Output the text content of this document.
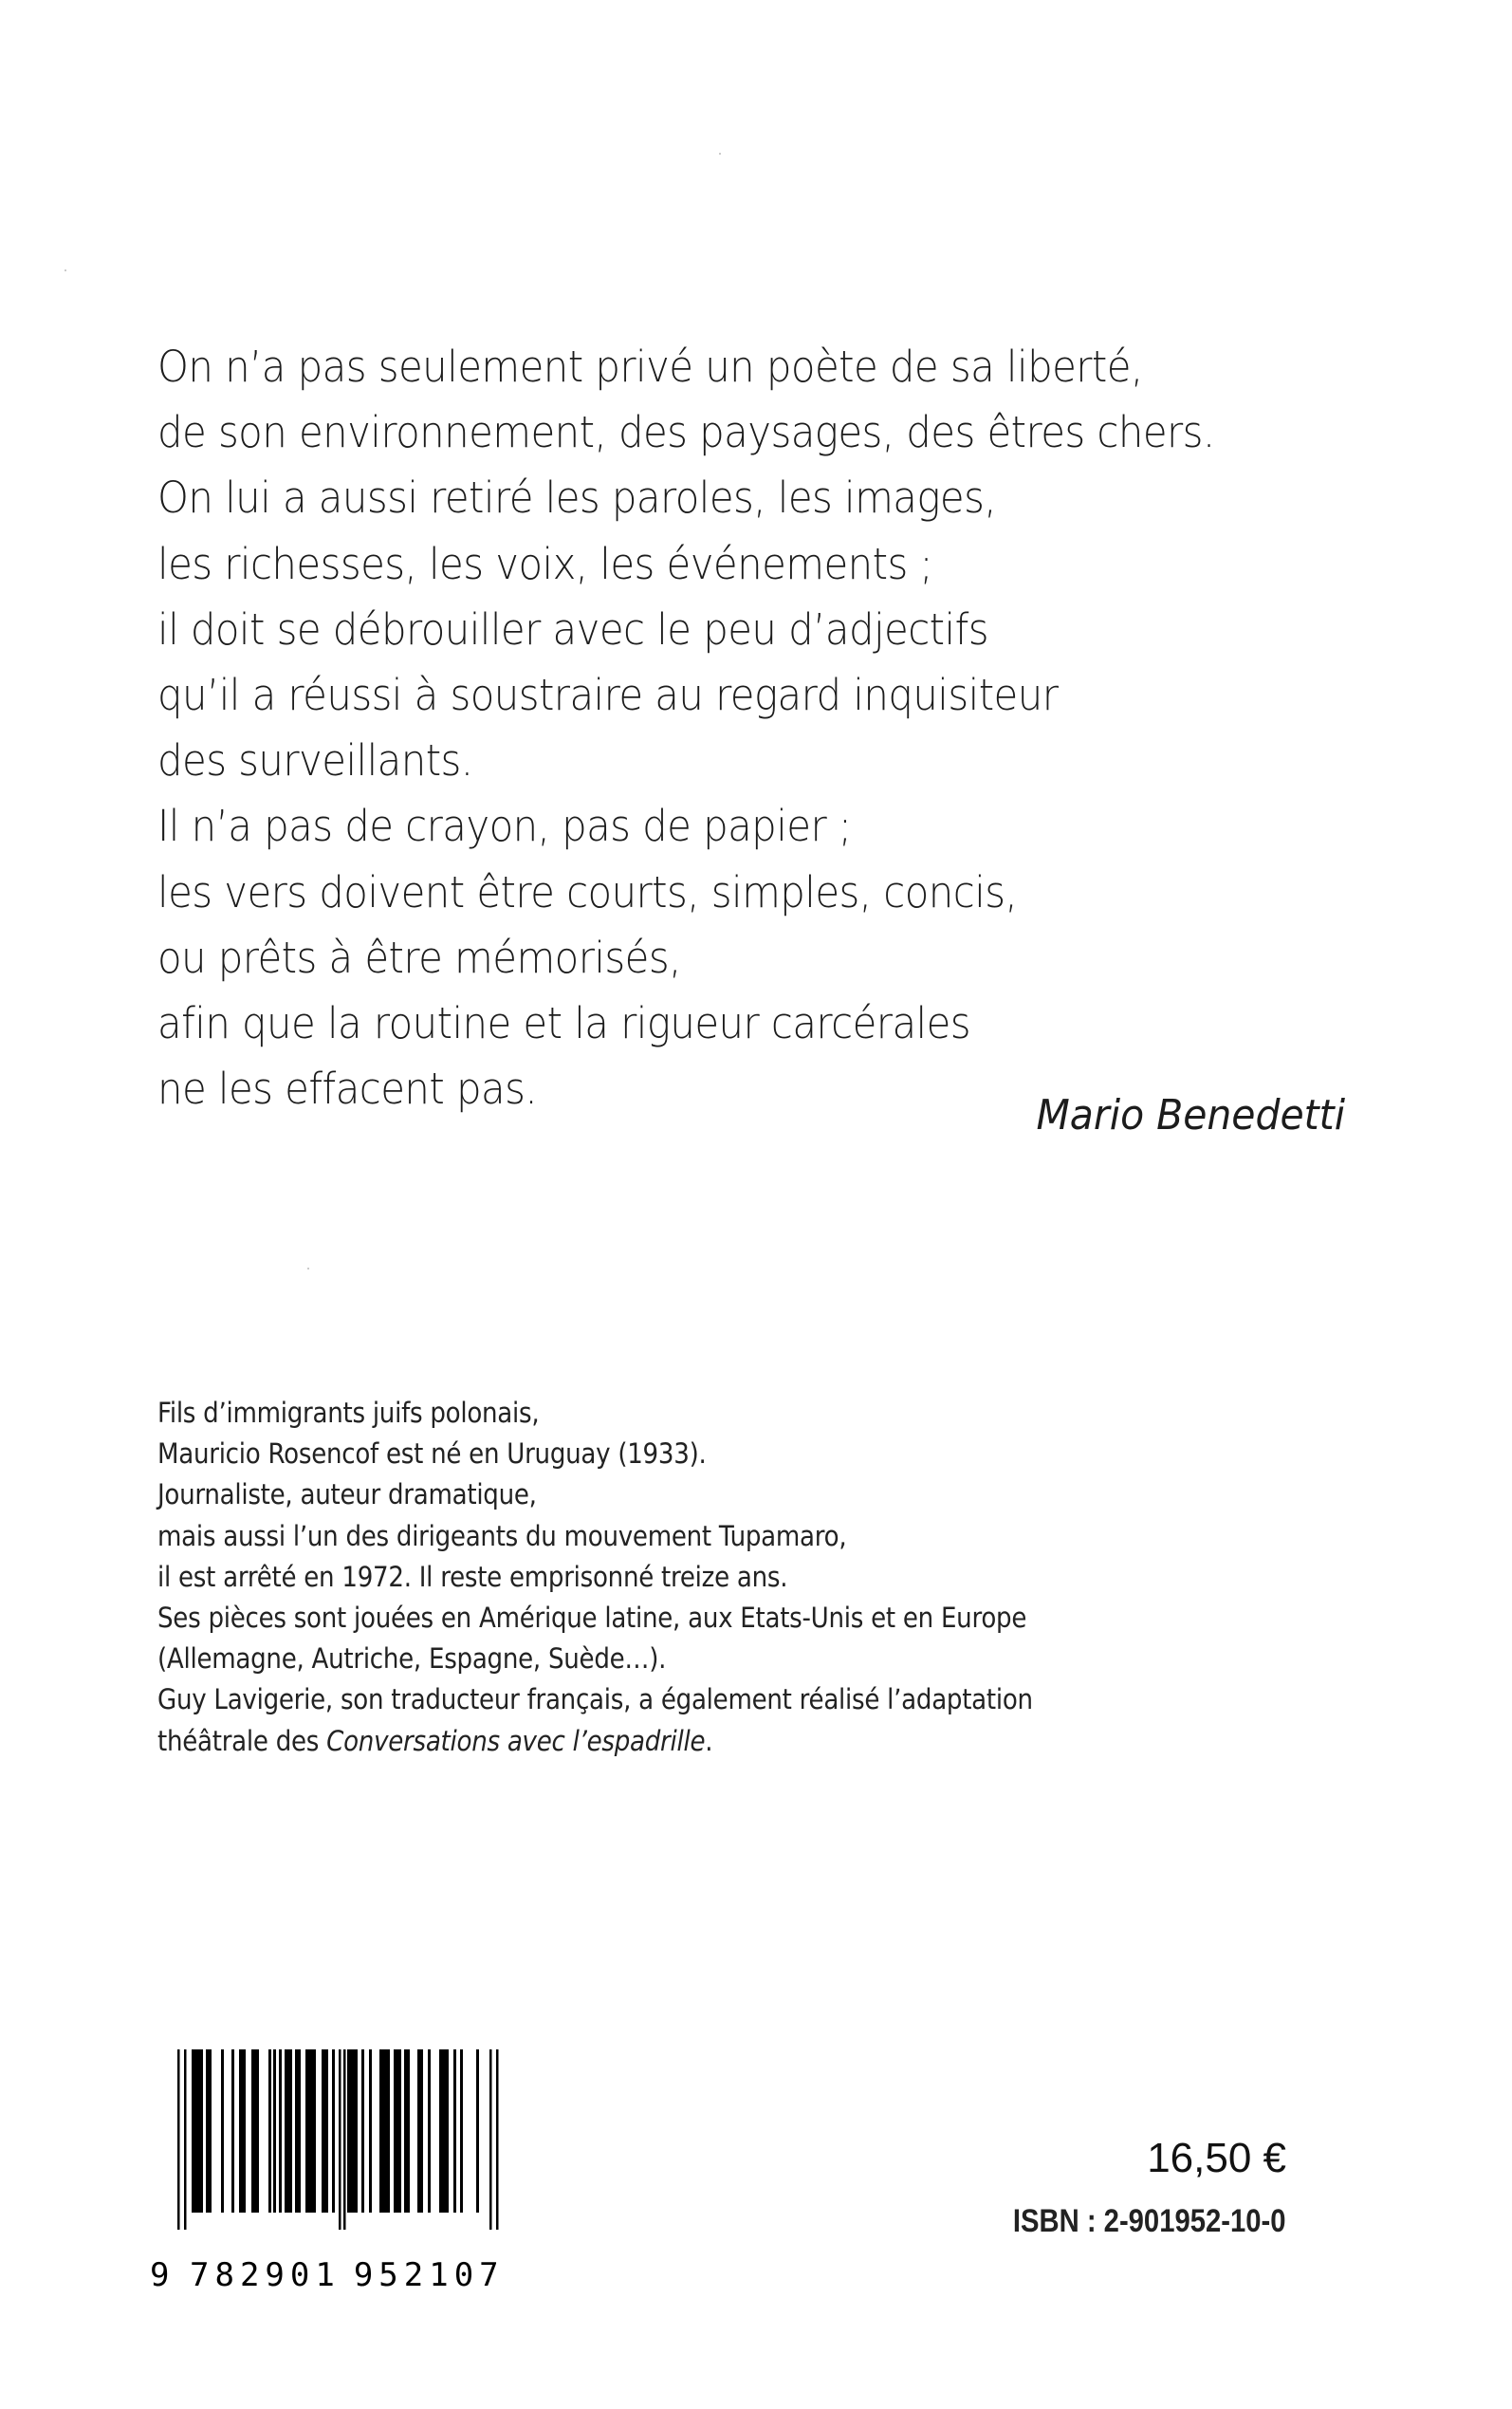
On n’a pas seulement privé un poète de sa liberté,
de son environnement, des paysages, des êtres chers.
On lui a aussi retiré les paroles, les images,
les richesses, les voix, les événements ;
il doit se débrouiller avec le peu d’adjectifs
qu’il a réussi à soustraire au regard inquisiteur
des surveillants.
Il n’a pas de crayon, pas de papier ;
les vers doivent être courts, simples, concis,
ou prêts à être mémorisés,
afin que la routine et la rigueur carcérales
ne les effacent pas.
Mario Benedetti
Fils d’immigrants juifs polonais,
Mauricio Rosencof est né en Uruguay (1933).
Journaliste, auteur dramatique,
mais aussi l’un des dirigeants du mouvement Tupamaro,
il est arrêté en 1972. Il reste emprisonné treize ans.
Ses pièces sont jouées en Amérique latine, aux Etats-Unis et en Europe
(Allemagne, Autriche, Espagne, Suède…).
Guy Lavigerie, son traducteur français, a également réalisé l’adaptation
théâtrale des Conversations avec l’espadrille.
9 782901 952107
16,50 €
ISBN : 2-901952-10-0
